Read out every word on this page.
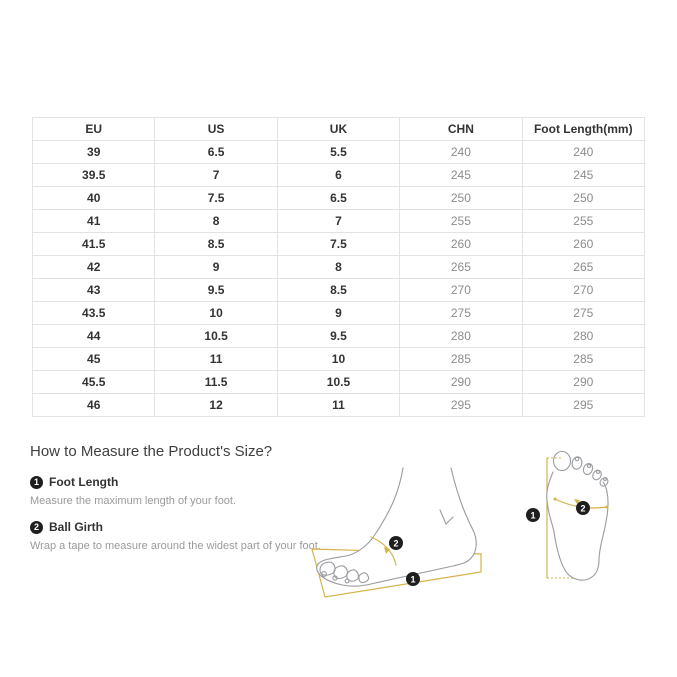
EU	US	UK	CHN	Foot Length(mm)
39	6.5	5.5	240	240
39.5	7	6	245	245
40	7.5	6.5	250	250
41	8	7	255	255
41.5	8.5	7.5	260	260
42	9	8	265	265
43	9.5	8.5	270	270
43.5	10	9	275	275
44	10.5	9.5	280	280
45	11	10	285	285
45.5	11.5	10.5	290	290
46	12	11	295	295
How to Measure the Product's Size?
1 Foot Length
Measure the maximum length of your foot.
2 Ball Girth
Wrap a tape to measure around the widest part of your foot.	2
1
1
2
